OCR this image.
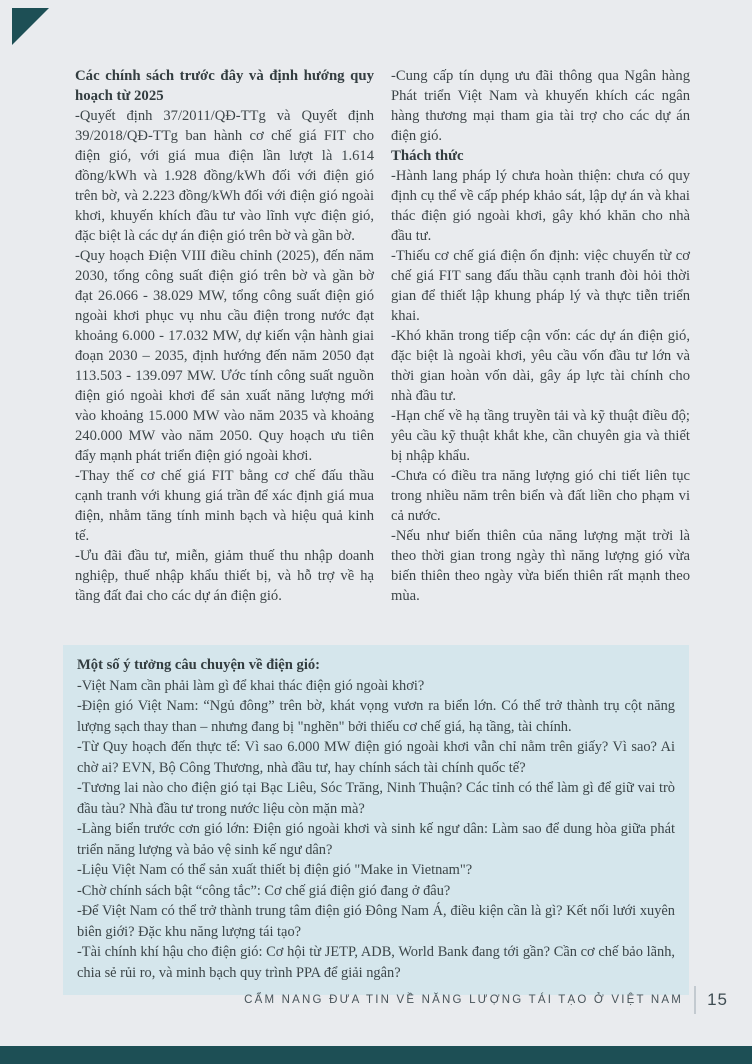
Các chính sách trước đây và định hướng quy hoạch từ 2025

-Quyết định 37/2011/QĐ-TTg và Quyết định 39/2018/QĐ-TTg ban hành cơ chế giá FIT cho điện gió, với giá mua điện lần lượt là 1.614 đồng/kWh và 1.928 đồng/kWh đối với điện gió trên bờ, và 2.223 đồng/kWh đối với điện gió ngoài khơi, khuyến khích đầu tư vào lĩnh vực điện gió, đặc biệt là các dự án điện gió trên bờ và gần bờ.

-Quy hoạch Điện VIII điều chỉnh (2025), đến năm 2030, tổng công suất điện gió trên bờ và gần bờ đạt 26.066 - 38.029 MW, tổng công suất điện gió ngoài khơi phục vụ nhu cầu điện trong nước đạt khoảng 6.000 - 17.032 MW, dự kiến vận hành giai đoạn 2030 – 2035, định hướng đến năm 2050 đạt 113.503 - 139.097 MW. Ước tính công suất nguồn điện gió ngoài khơi để sản xuất năng lượng mới vào khoảng 15.000 MW vào năm 2035 và khoảng 240.000 MW vào năm 2050. Quy hoạch ưu tiên đẩy mạnh phát triển điện gió ngoài khơi.

-Thay thế cơ chế giá FIT bằng cơ chế đấu thầu cạnh tranh với khung giá trần để xác định giá mua điện, nhằm tăng tính minh bạch và hiệu quả kinh tế.

-Ưu đãi đầu tư, miễn, giảm thuế thu nhập doanh nghiệp, thuế nhập khẩu thiết bị, và hỗ trợ về hạ tầng đất đai cho các dự án điện gió.

-Cung cấp tín dụng ưu đãi thông qua Ngân hàng Phát triển Việt Nam và khuyến khích các ngân hàng thương mại tham gia tài trợ cho các dự án điện gió.

Thách thức

-Hành lang pháp lý chưa hoàn thiện: chưa có quy định cụ thể về cấp phép khảo sát, lập dự án và khai thác điện gió ngoài khơi, gây khó khăn cho nhà đầu tư.

-Thiếu cơ chế giá điện ổn định: việc chuyển từ cơ chế giá FIT sang đấu thầu cạnh tranh đòi hỏi thời gian để thiết lập khung pháp lý và thực tiễn triển khai.

-Khó khăn trong tiếp cận vốn: các dự án điện gió, đặc biệt là ngoài khơi, yêu cầu vốn đầu tư lớn và thời gian hoàn vốn dài, gây áp lực tài chính cho nhà đầu tư.

-Hạn chế về hạ tầng truyền tải và kỹ thuật điều độ; yêu cầu kỹ thuật khắt khe, cần chuyên gia và thiết bị nhập khẩu.

-Chưa có điều tra năng lượng gió chi tiết liên tục trong nhiều năm trên biển và đất liền cho phạm vi cả nước.

-Nếu như biến thiên của năng lượng mặt trời là theo thời gian trong ngày thì năng lượng gió vừa biến thiên theo ngày vừa biến thiên rất mạnh theo mùa.

Một số ý tưởng câu chuyện về điện gió:

-Việt Nam cần phải làm gì để khai thác điện gió ngoài khơi?

-Điện gió Việt Nam: “Ngủ đông” trên bờ, khát vọng vươn ra biển lớn. Có thể trở thành trụ cột năng lượng sạch thay than – nhưng đang bị "nghẽn" bởi thiếu cơ chế giá, hạ tầng, tài chính.

-Từ Quy hoạch đến thực tế: Vì sao 6.000 MW điện gió ngoài khơi vẫn chỉ nằm trên giấy? Vì sao? Ai chờ ai? EVN, Bộ Công Thương, nhà đầu tư, hay chính sách tài chính quốc tế?

-Tương lai nào cho điện gió tại Bạc Liêu, Sóc Trăng, Ninh Thuận? Các tỉnh có thể làm gì để giữ vai trò đầu tàu? Nhà đầu tư trong nước liệu còn mặn mà?

-Làng biển trước cơn gió lớn: Điện gió ngoài khơi và sinh kế ngư dân: Làm sao để dung hòa giữa phát triển năng lượng và bảo vệ sinh kế ngư dân?

-Liệu Việt Nam có thể sản xuất thiết bị điện gió "Make in Vietnam"?

-Chờ chính sách bật “công tắc”: Cơ chế giá điện gió đang ở đâu?

-Để Việt Nam có thể trở thành trung tâm điện gió Đông Nam Á, điều kiện cần là gì? Kết nối lưới xuyên biên giới? Đặc khu năng lượng tái tạo?

-Tài chính khí hậu cho điện gió: Cơ hội từ JETP, ADB, World Bank đang tới gần? Cần cơ chế bảo lãnh, chia sẻ rủi ro, và minh bạch quy trình PPA để giải ngân?

CẨM NANG ĐƯA TIN VỀ NĂNG LƯỢNG TÁI TẠO Ở VIỆT NAM 15
